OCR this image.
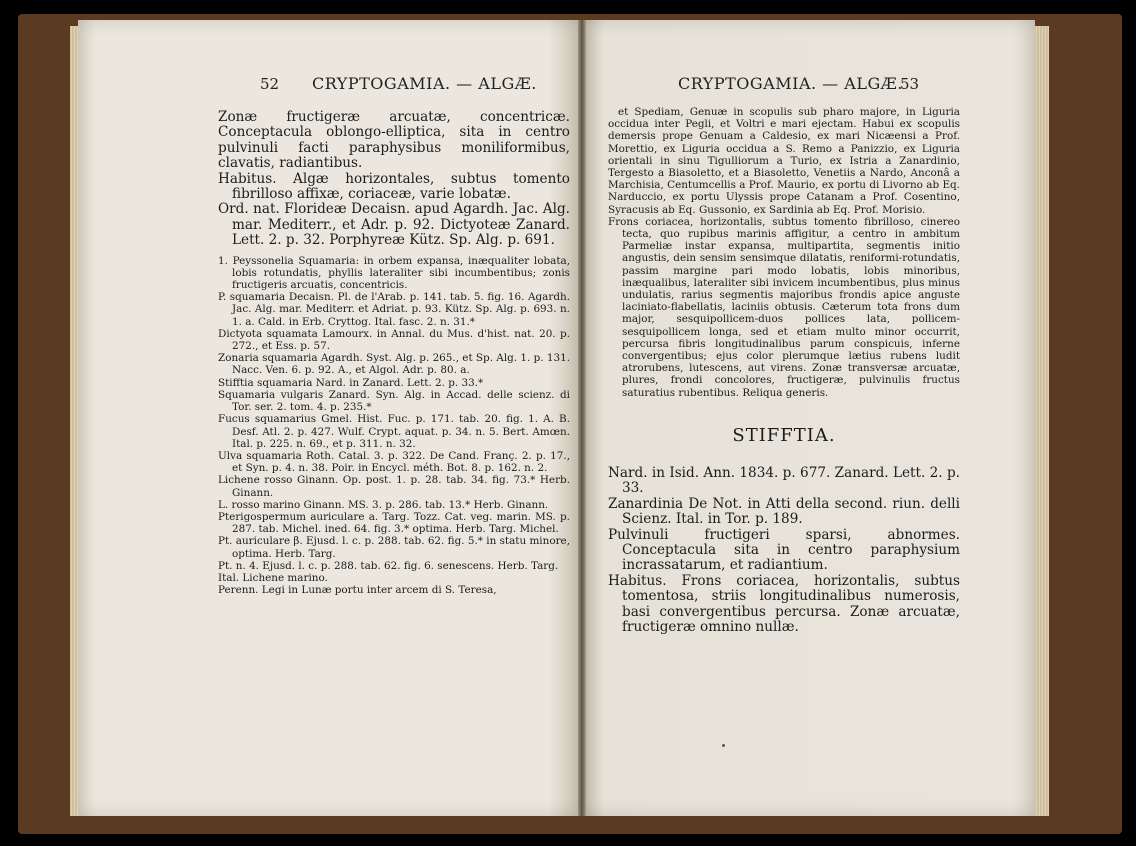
52 CRYPTOGAMIA. — ALGÆ.

Zonæ fructigeræ arcuatæ, concentricæ. Conceptacula oblongo-elliptica, sita in centro pulvinuli facti paraphysibus moniliformibus, clavatis, radiantibus.

Habitus. Algæ horizontales, subtus tomento fibrilloso affixæ, coriaceæ, varie lobatæ.

Ord. nat. Florideæ Decaisn. apud Agardh. Jac. Alg. mar. Mediterr., et Adr. p. 92. Dictyoteæ Zanard. Lett. 2. p. 32. Porphyreæ Kütz. Sp. Alg. p. 691.

1. Peyssonelia Squamaria: in orbem expansa, inæqualiter lobata, lobis rotundatis, phyllis lateraliter sibi incumbentibus; zonis fructigeris arcuatis, concentricis.

P. squamaria Decaisn. Pl. de l'Arab. p. 141. tab. 5. fig. 16. Agardh. Jac. Alg. mar. Mediterr. et Adriat. p. 93. Kütz. Sp. Alg. p. 693. n. 1. a. Cald. in Erb. Cryttog. Ital. fasc. 2. n. 31.*

Dictyota squamata Lamourx. in Annal. du Mus. d'hist. nat. 20. p. 272., et Ess. p. 57.

Zonaria squamaria Agardh. Syst. Alg. p. 265., et Sp. Alg. 1. p. 131. Nacc. Ven. 6. p. 92. A., et Algol. Adr. p. 80. a.

Stifftia squamaria Nard. in Zanard. Lett. 2. p. 33.*

Squamaria vulgaris Zanard. Syn. Alg. in Accad. delle scienz. di Tor. ser. 2. tom. 4. p. 235.*

Fucus squamarius Gmel. Hist. Fuc. p. 171. tab. 20. fig. 1. A. B. Desf. Atl. 2. p. 427. Wulf. Crypt. aquat. p. 34. n. 5. Bert. Amœn. Ital. p. 225. n. 69., et p. 311. n. 32.

Ulva squamaria Roth. Catal. 3. p. 322. De Cand. Franç. 2. p. 17., et Syn. p. 4. n. 38. Poir. in Encycl. méth. Bot. 8. p. 162. n. 2.

Lichene rosso Ginann. Op. post. 1. p. 28. tab. 34. fig. 73.* Herb. Ginann.

L. rosso marino Ginann. MS. 3. p. 286. tab. 13.* Herb. Ginann.

Pterigospermum auriculare a. Targ. Tozz. Cat. veg. marin. MS. p. 287. tab. Michel. ined. 64. fig. 3.* optima. Herb. Targ. Michel.

Pt. auriculare β. Ejusd. l. c. p. 288. tab. 62. fig. 5.* in statu minore, optima. Herb. Targ.

Pt. n. 4. Ejusd. l. c. p. 288. tab. 62. fig. 6. senescens. Herb. Targ.

Ital. Lichene marino.

Perenn. Legi in Lunæ portu inter arcem di S. Teresa,

CRYPTOGAMIA. — ALGÆ.
53

et Spediam, Genuæ in scopulis sub pharo majore, in Liguria occidua inter Pegli, et Voltri e mari ejectam. Habui ex scopulis demersis prope Genuam a Caldesio, ex mari Nicæensi a Prof. Morettio, ex Liguria occidua a S. Remo a Panizzio, ex Liguria orientali in sinu Tigulliorum a Turio, ex Istria a Zanardinio, Tergesto a Biasoletto, et a Biasoletto, Venetiis a Nardo, Anconâ a Marchisia, Centumcellis a Prof. Maurio, ex portu di Livorno ab Eq. Narduccio, ex portu Ulyssis prope Catanam a Prof. Cosentino, Syracusis ab Eq. Gussonio, ex Sardinia ab Eq. Prof. Morisio.

Frons coriacea, horizontalis, subtus tomento fibrilloso, cinereo tecta, quo rupibus marinis affigitur, a centro in ambitum Parmeliæ instar expansa, multipartita, segmentis initio angustis, dein sensim sensimque dilatatis, reniformi-rotundatis, passim margine pari modo lobatis, lobis minoribus, inæqualibus, lateraliter sibi invicem incumbentibus, plus minus undulatis, rarius segmentis majoribus frondis apice anguste laciniato-flabellatis, laciniis obtusis. Cæterum tota frons dum major, sesquipollicem-duos pollices lata, pollicem-sesquipollicem longa, sed et etiam multo minor occurrit, percursa fibris longitudinalibus parum conspicuis, inferne convergentibus; ejus color plerumque lætius rubens ludit atrorubens, lutescens, aut virens. Zonæ transversæ arcuatæ, plures, frondi concolores, fructigeræ, pulvinulis fructus saturatius rubentibus. Reliqua generis.

STIFFTIA.

Nard. in Isid. Ann. 1834. p. 677. Zanard. Lett. 2. p. 33.

Zanardinia De Not. in Atti della second. riun. delli Scienz. Ital. in Tor. p. 189.

Pulvinuli fructigeri sparsi, abnormes. Conceptacula sita in centro paraphysium incrassatarum, et radiantium.

Habitus. Frons coriacea, horizontalis, subtus tomentosa, striis longitudinalibus numerosis, basi convergentibus percursa. Zonæ arcuatæ, fructigeræ omnino nullæ.
